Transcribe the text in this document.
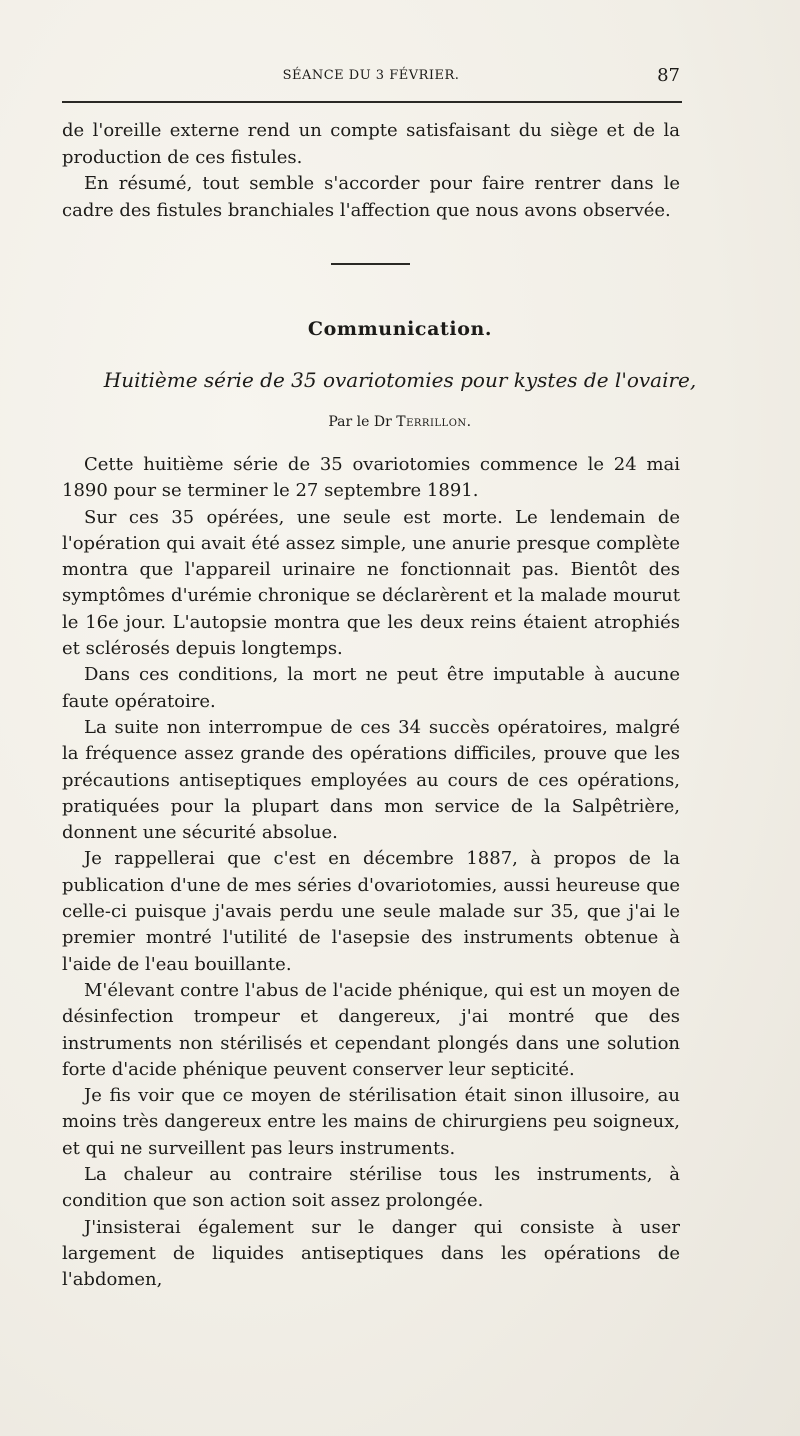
SÉANCE DU 3 FÉVRIER.	87

de l'oreille externe rend un compte satisfaisant du siège et de la production de ces fistules.

En résumé, tout semble s'accorder pour faire rentrer dans le cadre des fistules branchiales l'affection que nous avons observée.

Communication.
Huitième série de 35 ovariotomies pour kystes de l'ovaire,
Par le Dr Terrillon.

Cette huitième série de 35 ovariotomies commence le 24 mai 1890 pour se terminer le 27 septembre 1891.

Sur ces 35 opérées, une seule est morte. Le lendemain de l'opération qui avait été assez simple, une anurie presque complète montra que l'appareil urinaire ne fonctionnait pas. Bientôt des symptômes d'urémie chronique se déclarèrent et la malade mourut le 16e jour. L'autopsie montra que les deux reins étaient atrophiés et sclérosés depuis longtemps.

Dans ces conditions, la mort ne peut être imputable à aucune faute opératoire.

La suite non interrompue de ces 34 succès opératoires, malgré la fréquence assez grande des opérations difficiles, prouve que les précautions antiseptiques employées au cours de ces opérations, pratiquées pour la plupart dans mon service de la Salpêtrière, donnent une sécurité absolue.

Je rappellerai que c'est en décembre 1887, à propos de la publication d'une de mes séries d'ovariotomies, aussi heureuse que celle-ci puisque j'avais perdu une seule malade sur 35, que j'ai le premier montré l'utilité de l'asepsie des instruments obtenue à l'aide de l'eau bouillante.

M'élevant contre l'abus de l'acide phénique, qui est un moyen de désinfection trompeur et dangereux, j'ai montré que des instruments non stérilisés et cependant plongés dans une solution forte d'acide phénique peuvent conserver leur septicité.

Je fis voir que ce moyen de stérilisation était sinon illusoire, au moins très dangereux entre les mains de chirurgiens peu soigneux, et qui ne surveillent pas leurs instruments.

La chaleur au contraire stérilise tous les instruments, à condition que son action soit assez prolongée.

J'insisterai également sur le danger qui consiste à user largement de liquides antiseptiques dans les opérations de l'abdomen,
